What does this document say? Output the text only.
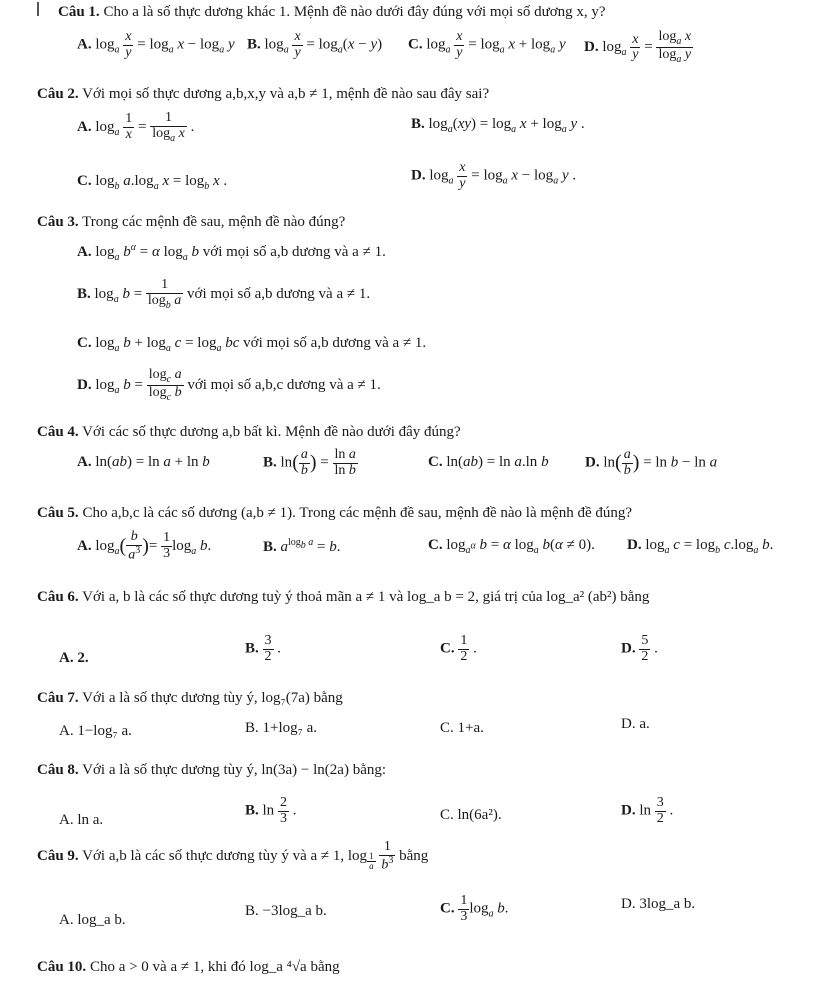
Câu 1. Cho a là số thực dương khác 1. Mệnh đề nào dưới đây đúng với mọi số dương x, y?
A. $\log_a \frac{x}{y} = \log_a x - \log_a y$ B. $\log_a \frac{x}{y} = \log_a(x - y)$ C. $\log_a \frac{x}{y} = \log_a x + \log_a y$ D. $\log_a \frac{x}{y} = \frac{\log_a x}{\log_a y}$
Câu 2. Với mọi số thực dương a,b,x,y và a,b ≠ 1, mệnh đề nào sau đây sai?
A. $\log_a \frac{1}{x} = \frac{1}{\log_a x}$ .	B. $\log_a(xy) = \log_a x + \log_a y$ .
C. $\log_b a.\log_a$ $x = \log_b x$ .	D. $\log_a \frac{x}{y} = \log_a x - \log_a y$ .
Câu 3. Trong các mệnh đề sau, mệnh đề nào đúng?
A. $\log_a b^\alpha = \alpha$ $\log_a b$ với mọi số a,b dương và a ≠ 1.
B. $\log_a b = \frac{1}{\log_b a}$ với mọi số a,b dương và a ≠ 1.
C. $\log_a b + \log_a c = \log_a$ bc với mọi số a,b dương và a ≠ 1.
D. $\log_a b = \frac{\log_c a}{\log_c b}$ với mọi số a,b,c dương và a ≠ 1.
Câu 4. Với các số thực dương a,b bất kì. Mệnh đề nào dưới đây đúng?
A. ln(ab) = ln a + ln b	B. $\ln( \frac{a}{b}$ ) = $\frac{\text{ln a}}{\text{ln b}}$	C. ln(ab) = ln a.ln b D. $\ln( \frac{a}{b}$ ) = ln b − ln a
Câu 5. Cho a,b,c là các số dương (a,b ≠ 1). Trong các mệnh đề sau, mệnh đề nào là mệnh đề đúng?
A. $\log_a( \frac{b}{a^3}$ )= $\frac{1}{3} \log_a b$.	B. $a^{log_b a} = b$.	C. $\log_{a^\alpha} b = \alpha$ $\log_a b(\alpha \ne 0)$. D. $\log_a c = \log_b c.\log_a$ b.
Câu 6. Với a, b là các số thực dương tuỳ ý thoả mãn a ≠ 1 và log_a b = 2, giá trị của log_a² (ab²) bằng
A. 2.
B. $\frac{3}{2}$ .	C. $\frac{1}{2}$ .	D. $\frac{5}{2}$ .
Câu 7. Với a là số thực dương tùy ý, log₇(7a) bằng
A. 1−log₇ a.	B. 1+log₇ a.	C. 1+a.	D. a.
Câu 8. Với a là số thực dương tùy ý, ln(3a) − ln(2a) bằng:
A. ln a.
B. $\ln \frac{2}{3}$ .	C. ln(6a²).	D. $\ln \frac{3}{2}$ .
Câu 9. Với a,b là các số thực dương tùy ý và a ≠ 1, log $_{\frac{1}{a}}$
$\frac{1}{b^3}$ bằng
A. log_a b.
B. −3log_a b.	C. $\frac{1}{3} \log_a b$.	D. 3log_a b.
Câu 10. Cho a > 0 và a ≠ 1, khi đó log_a ⁴√a bằng
